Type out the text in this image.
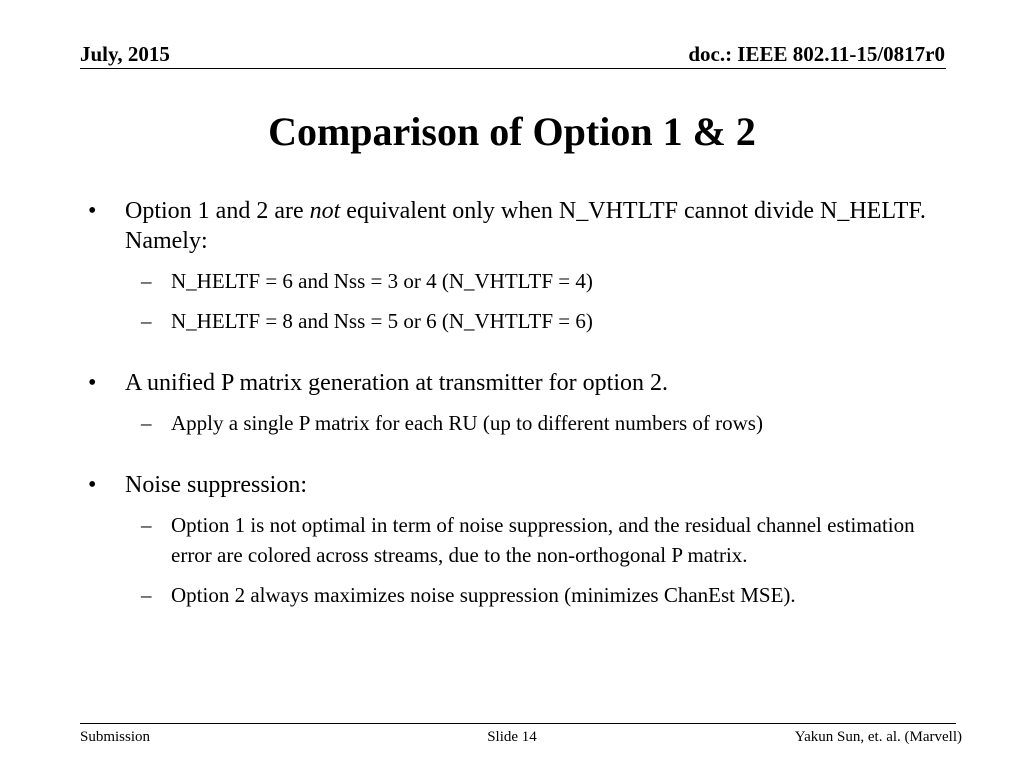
July, 2015	doc.: IEEE 802.11-15/0817r0
Comparison of Option 1 & 2
• Option 1 and 2 are not equivalent only when N_VHTLTF cannot divide N_HELTF. Namely:
– N_HELTF = 6 and Nss = 3 or 4 (N_VHTLTF = 4)
– N_HELTF = 8 and Nss = 5 or 6 (N_VHTLTF = 6)
• A unified P matrix generation at transmitter for option 2.
– Apply a single P matrix for each RU (up to different numbers of rows)
• Noise suppression:
– Option 1 is not optimal in term of noise suppression, and the residual channel estimation error are colored across streams, due to the non-orthogonal P matrix.
– Option 2 always maximizes noise suppression (minimizes ChanEst MSE).
Submission	Slide 14	Yakun Sun, et. al. (Marvell)
